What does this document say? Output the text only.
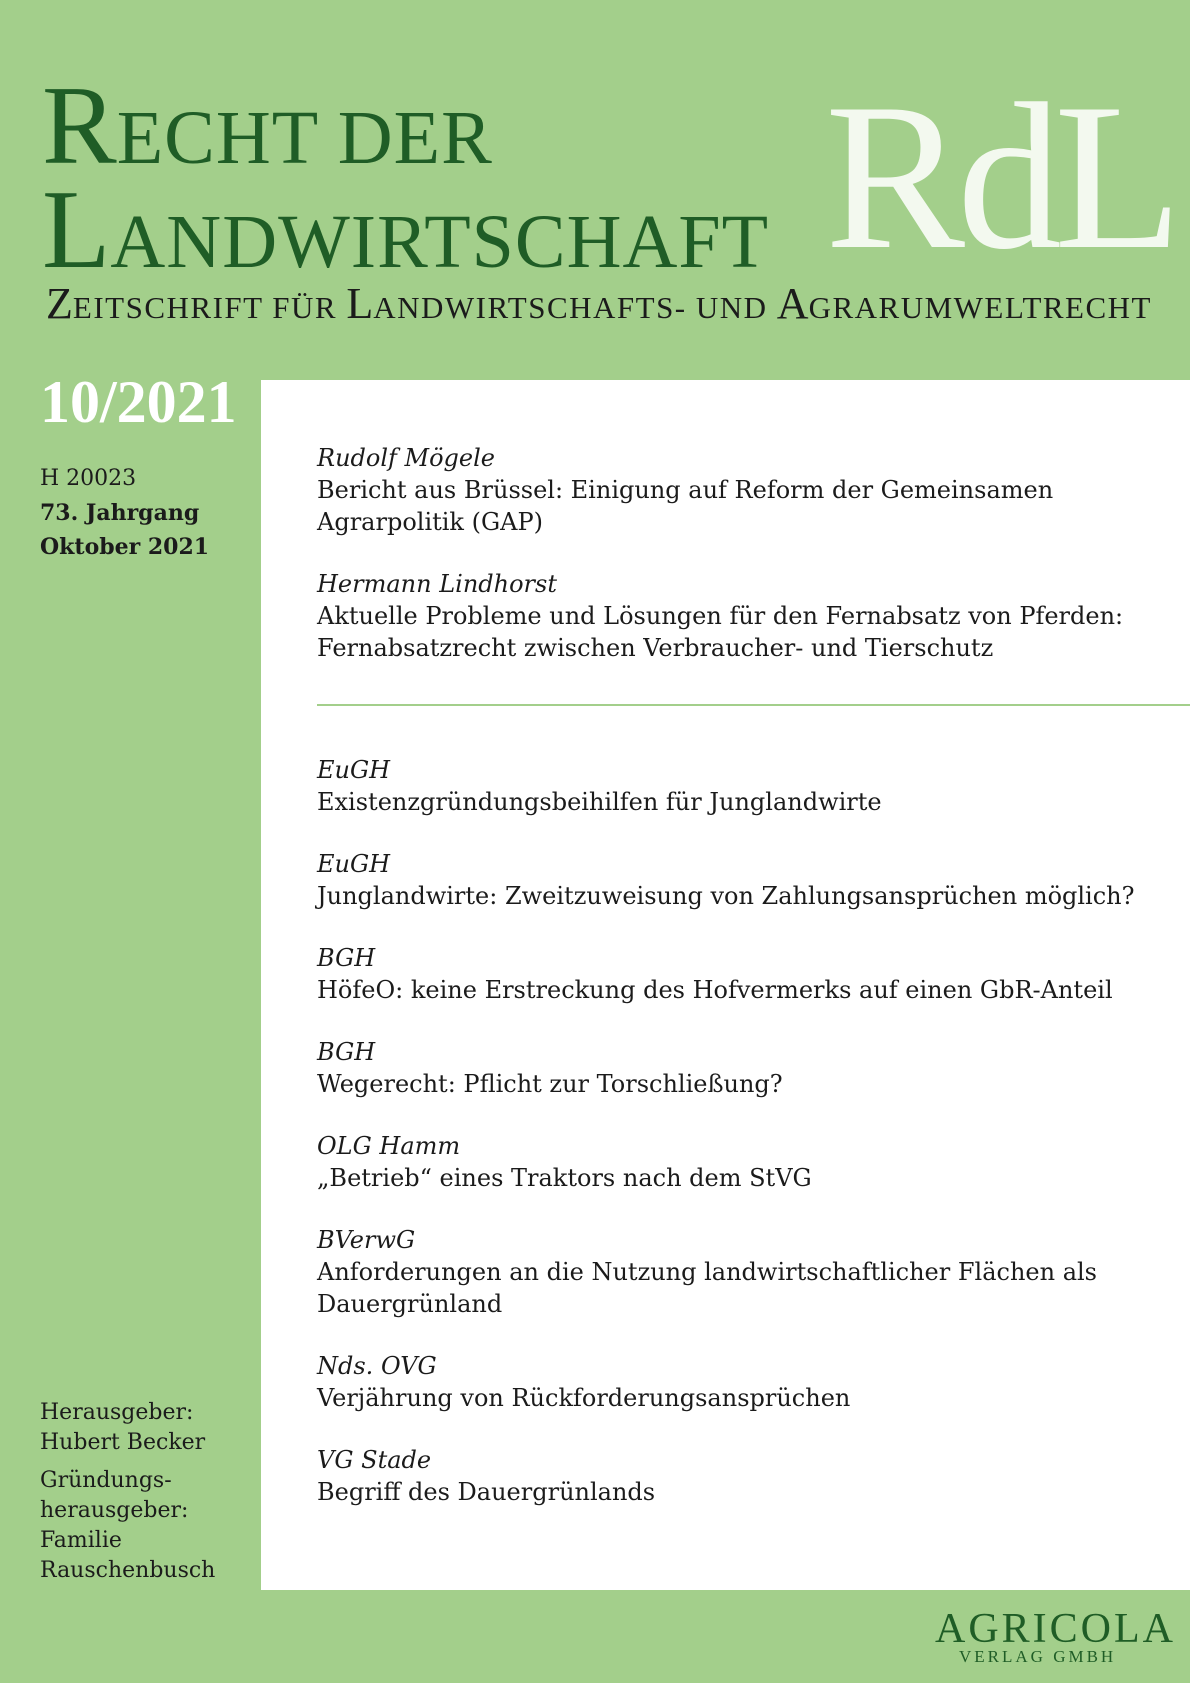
RECHT DER
LANDWIRTSCHAFT RdL
ZEITSCHRIFT FÜR LANDWIRTSCHAFTS- UND AGRARUMWELTRECHT
10/2021
H 20023
73. Jahrgang
Oktober 2021
Herausgeber:
Hubert Becker
Gründungs-
herausgeber:
Familie
Rauschenbusch
Rudolf Mögele
Bericht aus Brüssel: Einigung auf Reform der Gemeinsamen
Agrarpolitik (GAP)
Hermann Lindhorst
Aktuelle Probleme und Lösungen für den Fernabsatz von Pferden:
Fernabsatzrecht zwischen Verbraucher- und Tierschutz
EuGH
Existenzgründungsbeihilfen für Junglandwirte
EuGH
Junglandwirte: Zweitzuweisung von Zahlungsansprüchen möglich?
BGH
HöfeO: keine Erstreckung des Hofvermerks auf einen GbR-Anteil
BGH
Wegerecht: Pflicht zur Torschließung?
OLG Hamm
„Betrieb“ eines Traktors nach dem StVG
BVerwG
Anforderungen an die Nutzung landwirtschaftlicher Flächen als
Dauergrünland
Nds. OVG
Verjährung von Rückforderungsansprüchen
VG Stade
Begriff des Dauergrünlands
AGRICOLA
VERLAG GMBH
